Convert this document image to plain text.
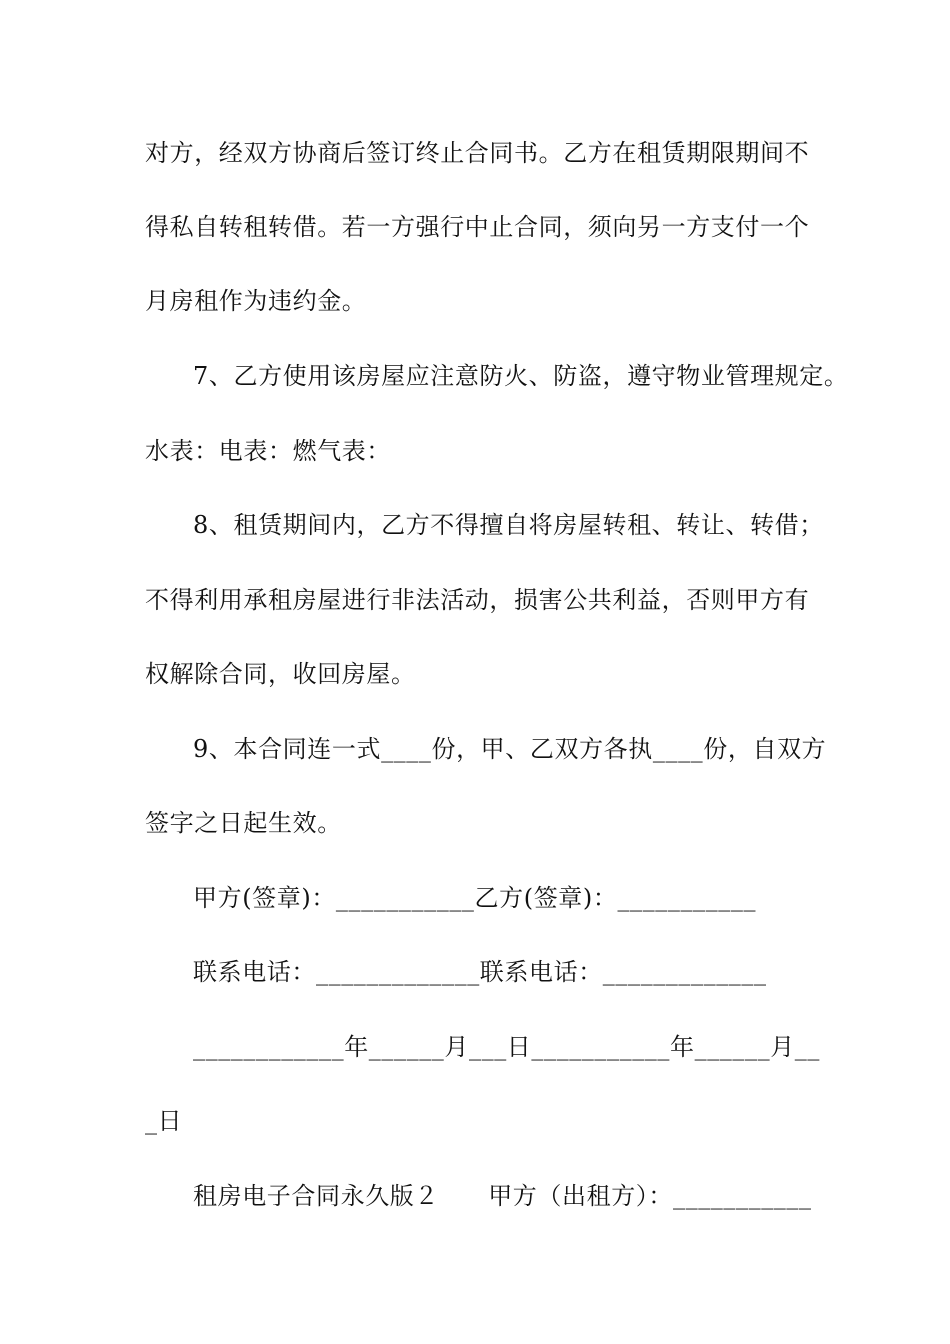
对方，经双方协商后签订终止合同书。乙方在租赁期限期间不
得私自转租转借。若一方强行中止合同，须向另一方支付一个
月房租作为违约金。
7、乙方使用该房屋应注意防火、防盗，遵守物业管理规定。
水表：电表：燃气表：
8、租赁期间内，乙方不得擅自将房屋转租、转让、转借；
不得利用承租房屋进行非法活动，损害公共利益，否则甲方有
权解除合同，收回房屋。
9、本合同连一式____份，甲、乙双方各执____份，自双方
签字之日起生效。
甲方(签章)：___________乙方(签章)：___________
联系电话：_____________联系电话：_____________
____________年______月___日___________年______月__
_日
租房电子合同永久版２　　甲方（出租方）：___________
